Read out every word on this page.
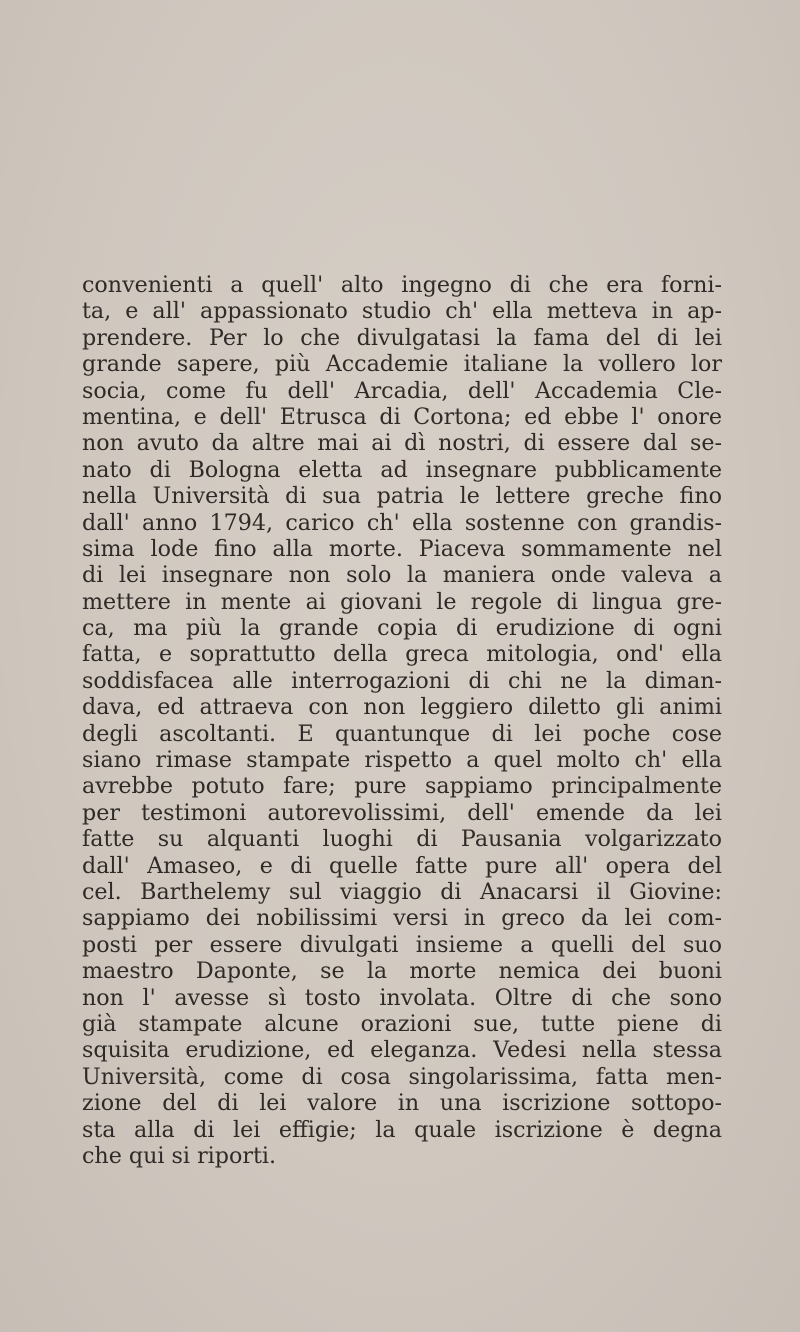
convenienti a quell' alto ingegno di che era forni-
ta, e all' appassionato studio ch' ella metteva in ap-
prendere. Per lo che divulgatasi la fama del di lei
grande sapere, più Accademie italiane la vollero lor
socia, come fu dell' Arcadia, dell' Accademia Cle-
mentina, e dell' Etrusca di Cortona; ed ebbe l' onore
non avuto da altre mai ai dì nostri, di essere dal se-
nato di Bologna eletta ad insegnare pubblicamente
nella Università di sua patria le lettere greche fino
dall' anno 1794, carico ch' ella sostenne con grandis-
sima lode fino alla morte. Piaceva sommamente nel
di lei insegnare non solo la maniera onde valeva a
mettere in mente ai giovani le regole di lingua gre-
ca, ma più la grande copia di erudizione di ogni
fatta, e soprattutto della greca mitologia, ond' ella
soddisfacea alle interrogazioni di chi ne la diman-
dava, ed attraeva con non leggiero diletto gli animi
degli ascoltanti. E quantunque di lei poche cose
siano rimase stampate rispetto a quel molto ch' ella
avrebbe potuto fare; pure sappiamo principalmente
per testimoni autorevolissimi, dell' emende da lei
fatte su alquanti luoghi di Pausania volgarizzato
dall' Amaseo, e di quelle fatte pure all' opera del
cel. Barthelemy sul viaggio di Anacarsi il Giovine:
sappiamo dei nobilissimi versi in greco da lei com-
posti per essere divulgati insieme a quelli del suo
maestro Daponte, se la morte nemica dei buoni
non l' avesse sì tosto involata. Oltre di che sono
già stampate alcune orazioni sue, tutte piene di
squisita erudizione, ed eleganza. Vedesi nella stessa
Università, come di cosa singolarissima, fatta men-
zione del di lei valore in una iscrizione sottopo-
sta alla di lei effigie; la quale iscrizione è degna
che qui si riporti.
